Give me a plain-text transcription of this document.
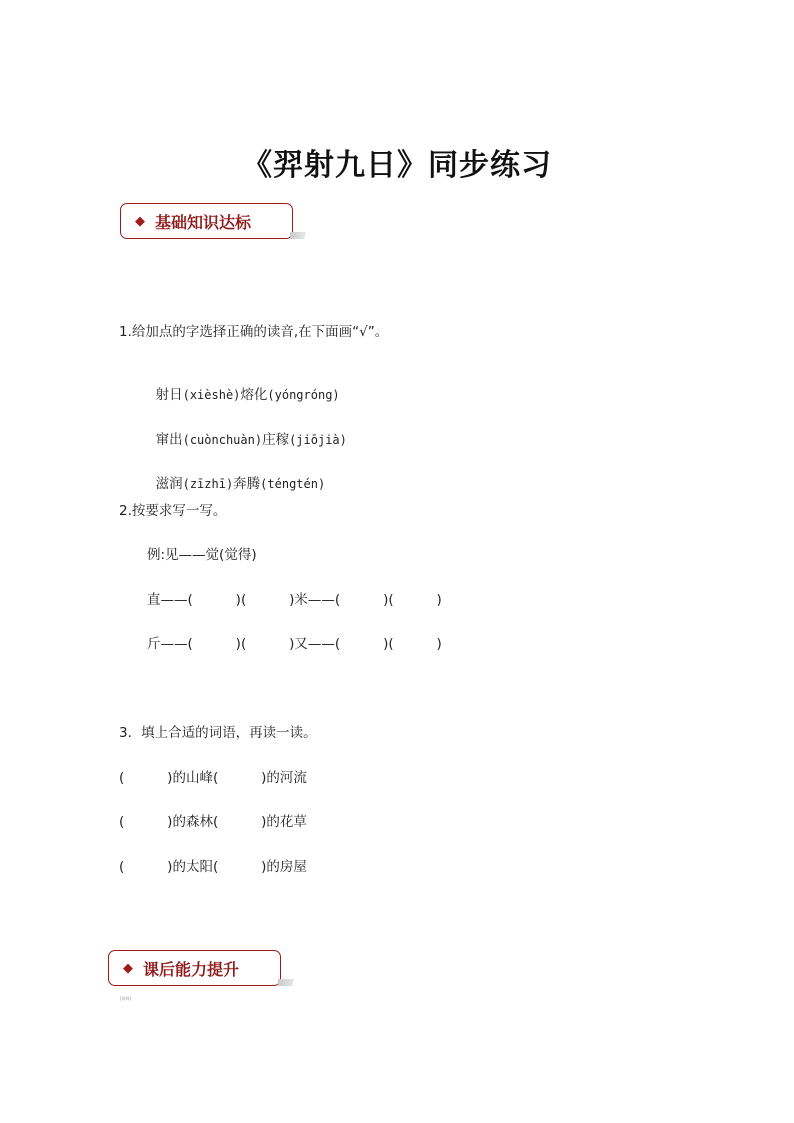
《羿射九日》同步练习
◆ 基础知识达标
1.给加点的字选择正确的读音,在下面画“√”。

射日(xièshè)熔化(yóngróng)

窜出(cuònchuàn)庄稼(jiōjià)

滋润(zīzhī)奔腾(téngtén)

2.按要求写一写。
例:见——觉(觉得)
直——(          )(          )米——(          )(          )
斤——(          )(          )又——(          )(          )
3．填上合适的词语，再读一读。
(          )的山峰(          )的河流
(          )的森林(          )的花草
(          )的太阳(          )的房屋
◆ 课后能力提升
[资料]
